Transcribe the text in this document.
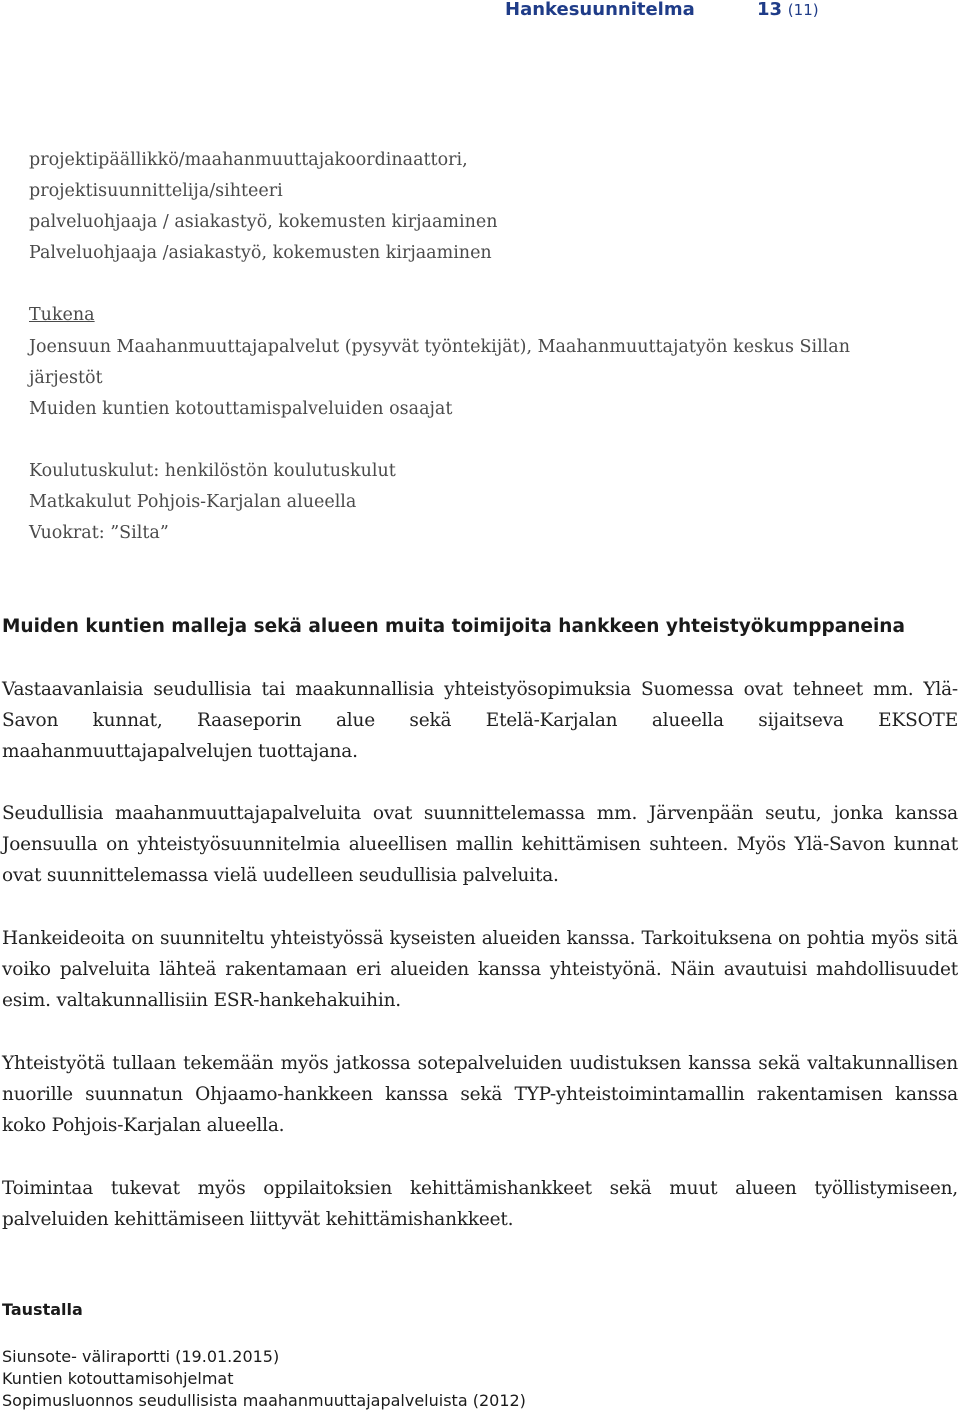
Hankesuunnitelma	13 (11)
projektipäällikkö/maahanmuuttajakoordinaattori,
projektisuunnittelija/sihteeri
palveluohjaaja / asiakastyö, kokemusten kirjaaminen
Palveluohjaaja /asiakastyö, kokemusten kirjaaminen
Tukena
Joensuun Maahanmuuttajapalvelut (pysyvät työntekijät), Maahanmuuttajatyön keskus Sillan
järjestöt
Muiden kuntien kotouttamispalveluiden osaajat
Koulutuskulut: henkilöstön koulutuskulut
Matkakulut Pohjois-Karjalan alueella
Vuokrat: ”Silta”
Muiden kuntien malleja sekä alueen muita toimijoita hankkeen yhteistyökumppaneina
Vastaavanlaisia seudullisia tai maakunnallisia yhteistyösopimuksia Suomessa ovat tehneet mm. Ylä-Savon kunnat, Raaseporin alue sekä Etelä-Karjalan alueella sijaitseva EKSOTE maahanmuuttajapalvelujen tuottajana.
Seudullisia maahanmuuttajapalveluita ovat suunnittelemassa mm. Järvenpään seutu, jonka kanssa Joensuulla on yhteistyösuunnitelmia alueellisen mallin kehittämisen suhteen. Myös Ylä-Savon kunnat ovat suunnittelemassa vielä uudelleen seudullisia palveluita.
Hankeideoita on suunniteltu yhteistyössä kyseisten alueiden kanssa. Tarkoituksena on pohtia myös sitä voiko palveluita lähteä rakentamaan eri alueiden kanssa yhteistyönä. Näin avautuisi mahdollisuudet esim. valtakunnallisiin ESR-hankehakuihin.
Yhteistyötä tullaan tekemään myös jatkossa sotepalveluiden uudistuksen kanssa sekä valtakunnallisen nuorille suunnatun Ohjaamo-hankkeen kanssa sekä TYP-yhteistoimintamallin rakentamisen kanssa koko Pohjois-Karjalan alueella.
Toimintaa tukevat myös oppilaitoksien kehittämishankkeet sekä muut alueen työllistymiseen, palveluiden kehittämiseen liittyvät kehittämishankkeet.
Taustalla
Siunsote- väliraportti (19.01.2015)
Kuntien kotouttamisohjelmat
Sopimusluonnos seudullisista maahanmuuttajapalveluista (2012)
